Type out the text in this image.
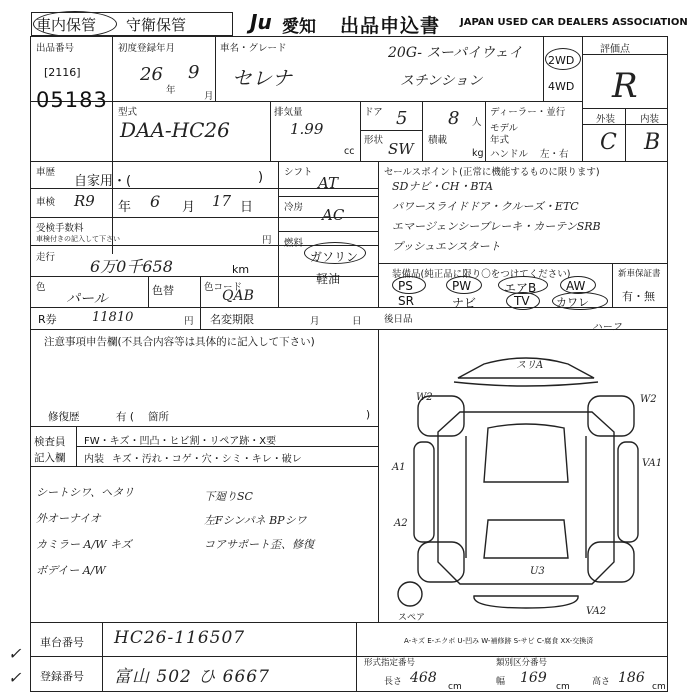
車内保管 守衛保管	Ju 愛知 出品申込書 JAPAN USED CAR DEALERS ASSOCIATION
出品番号
[2116]
05183
初度登録年月
26
年
9
月
車名・グレード
セレナ
20G- スーパイウェイ
スチンション
2WD
4WD
評価点
R
外装	内装
C B
型式
DAA-HC26
排気量
1.99
cc
ドア 5
形状 SW
8 人
積載
kg
ディーラー・並行
モデル
年式
ハンドル 左・右
車歴
自家用・(	)
車検 R9 年 6 月 17 日
受検手数料
車検付きの記入して下さい	円
走行 6万0千658	km
色
パール
色替	色コード
QAB
シフト
AT
冷房 AC
燃料
ガソリン
軽油
セールスポイント(正常に機能するものに限ります)
SDナビ・CH・BTA
パワースライドドア・クルーズ・ETC
エマージェンシーブレーキ・カーテンSRB
プッシュエンスタート
装備品(純正品に限り〇をつけてください)	新車保証書
有・無
PS	PW	エアB AW
SR	ナビ	TV カワレ
ハーフ
R券	11810	円 名変期限	月	日 後日品
注意事項申告欄(不具合内容等は具体的に記入して下さい)
修復歴	有 ( 箇所	)
検査員
記入欄
FW・キズ・凹凸・ヒビ割・リペア跡・X要
内装 キズ・汚れ・コゲ・穴・シミ・キレ・破レ
シートシワ、ヘタリ
外オーナイオ
カミラー A/W キズ
ボデイー A/W
下廻りSC
左Fシンパネ BPシワ
コアサポート歪、修復
スリA
W2	W2
A1	VA1
A2
U3
VA2
スペア
A-キズ E-エクボ U-凹み W-補修跡 S-サビ C-腐食 XX-交換済
車台番号 HC26-116507
登録番号 富山 502 ひ 6667
✓
✓
形式指定番号	類別区分番号
長さ 468
cm	幅 169
cm 高さ 186
cm
